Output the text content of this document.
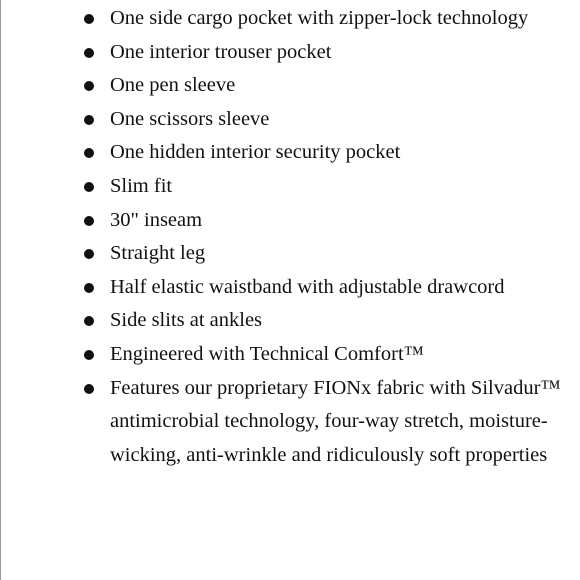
One side cargo pocket with zipper-lock technology
One interior trouser pocket
One pen sleeve
One scissors sleeve
One hidden interior security pocket
Slim fit
30" inseam
Straight leg
Half elastic waistband with adjustable drawcord
Side slits at ankles
Engineered with Technical Comfort™
Features our proprietary FIONx fabric with Silvadur™ antimicrobial technology, four-way stretch, moisture-wicking, anti-wrinkle and ridiculously soft properties
